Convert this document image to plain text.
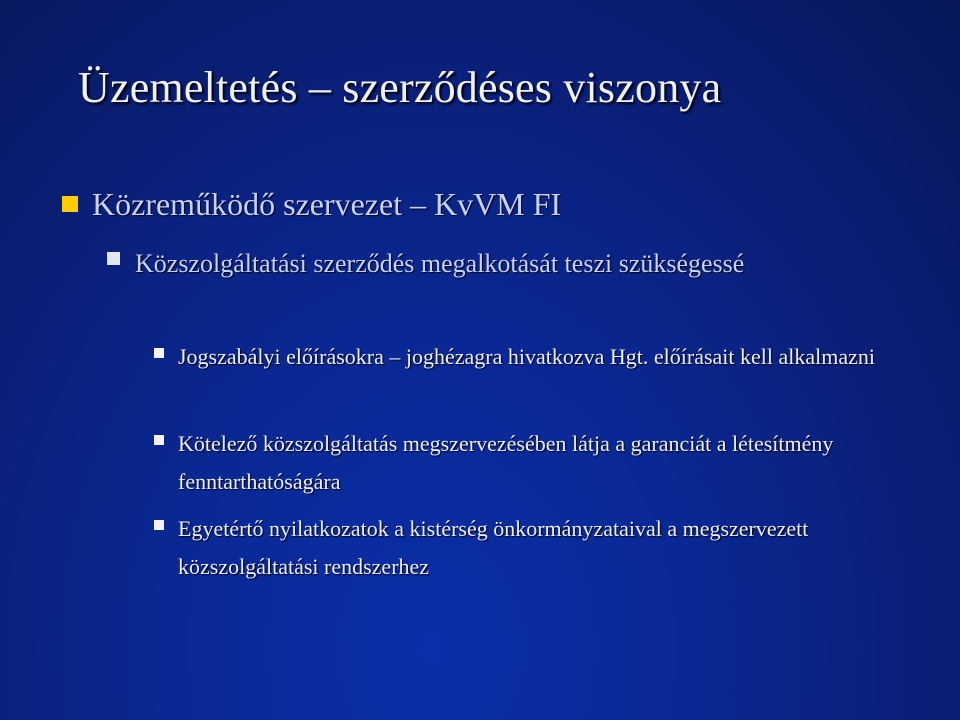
Üzemeltetés – szerződéses viszonya
Közreműködő szervezet – KvVM FI
Közszolgáltatási szerződés megalkotását teszi szükségessé
Jogszabályi előírásokra – joghézagra hivatkozva Hgt. előírásait kell alkalmazni
Kötelező közszolgáltatás megszervezésében látja a garanciát a létesítmény fenntarthatóságára
Egyetértő nyilatkozatok a kistérség önkormányzataival a megszervezett közszolgáltatási rendszerhez
